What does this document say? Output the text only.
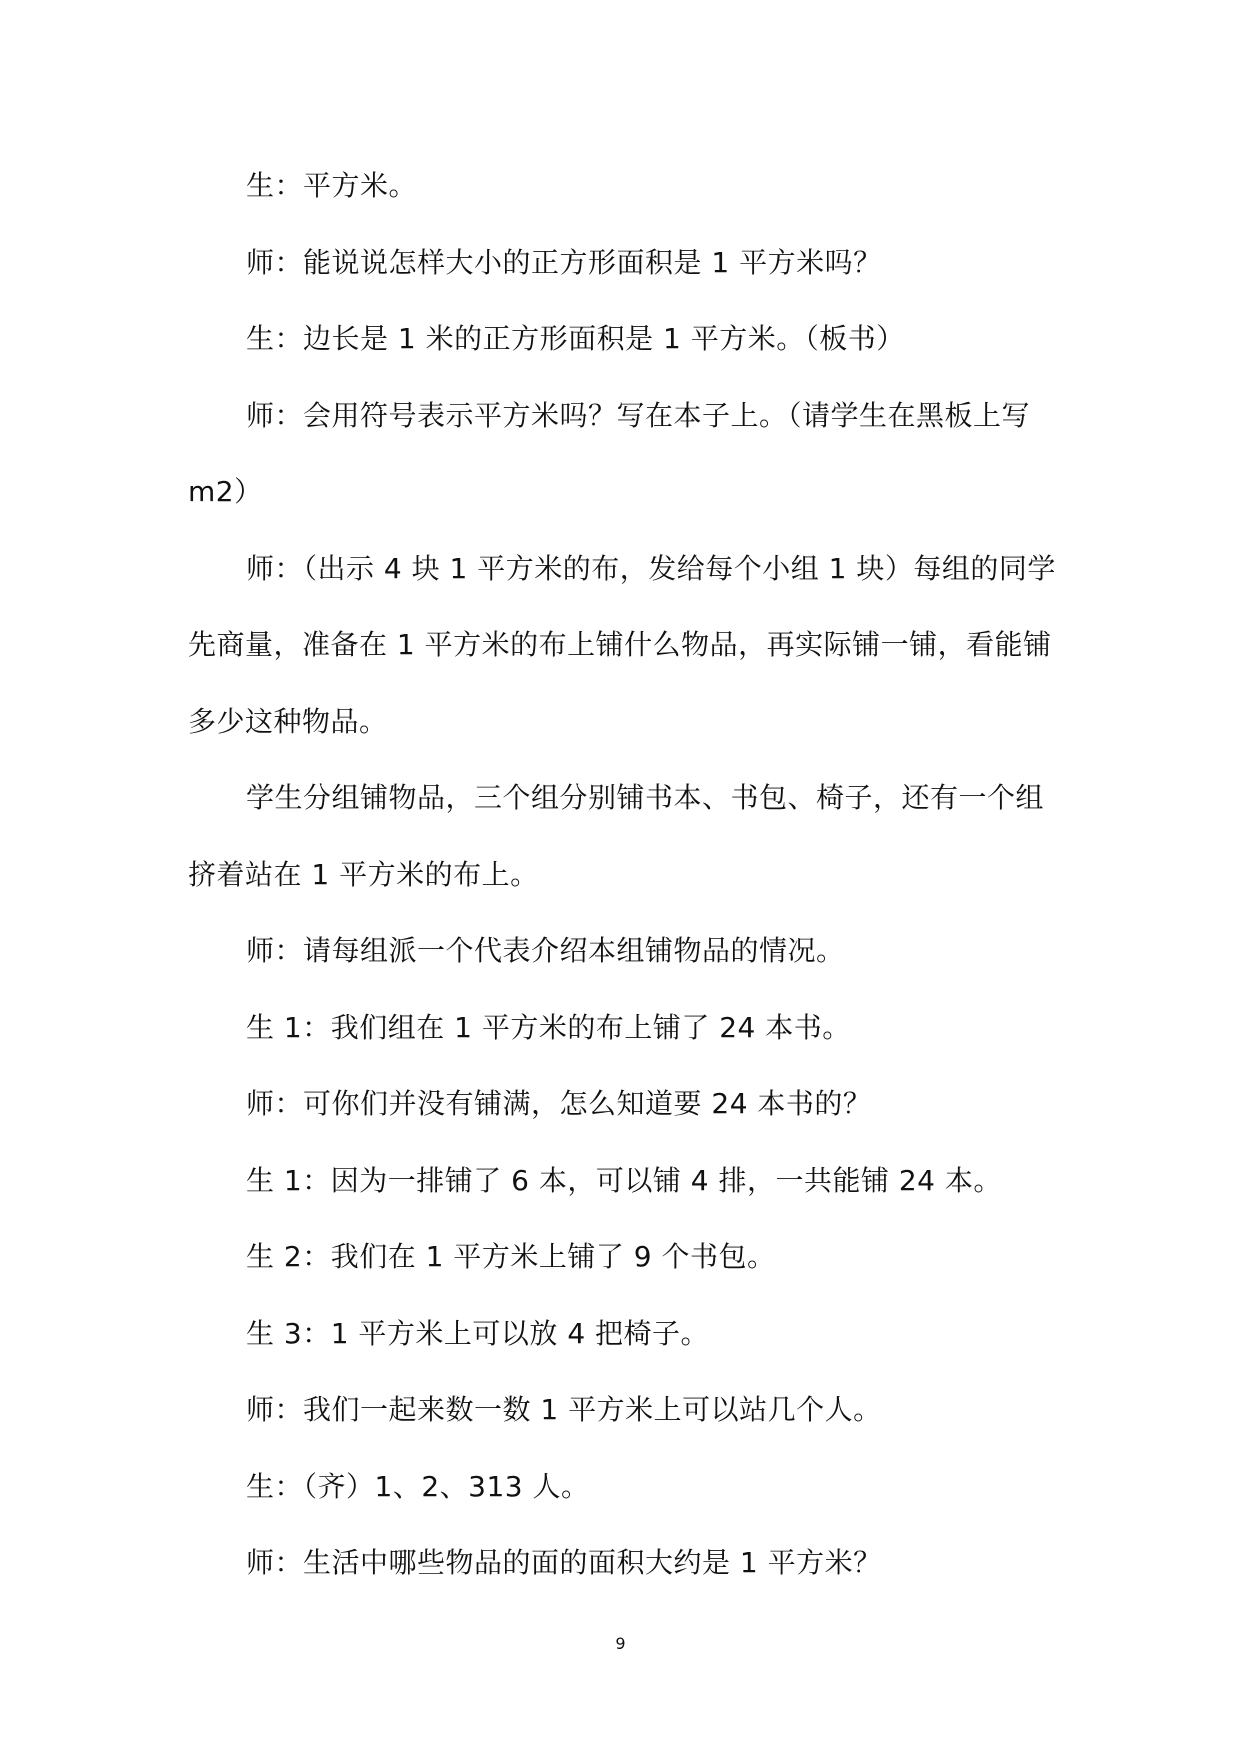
生：平方米。

师：能说说怎样大小的正方形面积是 1 平方米吗？

生：边长是 1 米的正方形面积是 1 平方米。（板书）

师：会用符号表示平方米吗？写在本子上。（请学生在黑板上写 m2）

师：（出示 4 块 1 平方米的布，发给每个小组 1 块）每组的同学先商量，准备在 1 平方米的布上铺什么物品，再实际铺一铺，看能铺多少这种物品。

学生分组铺物品，三个组分别铺书本、书包、椅子，还有一个组挤着站在 1 平方米的布上。

师：请每组派一个代表介绍本组铺物品的情况。

生 1：我们组在 1 平方米的布上铺了 24 本书。

师：可你们并没有铺满，怎么知道要 24 本书的？

生 1：因为一排铺了 6 本，可以铺 4 排，一共能铺 24 本。

生 2：我们在 1 平方米上铺了 9 个书包。

生 3：1 平方米上可以放 4 把椅子。

师：我们一起来数一数 1 平方米上可以站几个人。

生：（齐）1、2、313 人。

师：生活中哪些物品的面的面积大约是 1 平方米？

9
